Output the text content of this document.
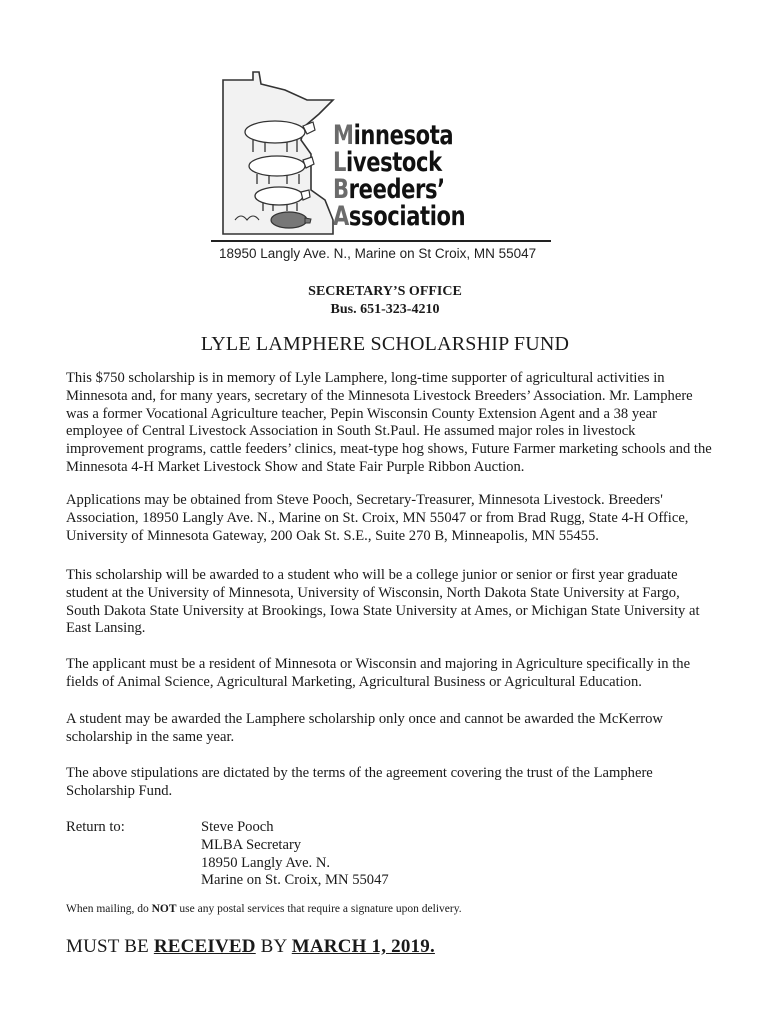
Minnesota
Livestock
Breeders’
Association
18950 Langly Ave. N., Marine on St Croix, MN 55047
SECRETARY’S OFFICE
Bus. 651-323-4210
LYLE LAMPHERE SCHOLARSHIP FUND

This $750 scholarship is in memory of Lyle Lamphere, long-time supporter of agricultural activities in Minnesota and, for many years, secretary of the Minnesota Livestock Breeders’ Association. Mr. Lamphere was a former Vocational Agriculture teacher, Pepin Wisconsin County Extension Agent and a 38 year employee of Central Livestock Association in South St.Paul. He assumed major roles in livestock improvement programs, cattle feeders’ clinics, meat-type hog shows, Future Farmer marketing schools and the Minnesota 4-H Market Livestock Show and State Fair Purple Ribbon Auction.

Applications may be obtained from Steve Pooch, Secretary-Treasurer, Minnesota Livestock. Breeders' Association, 18950 Langly Ave. N., Marine on St. Croix, MN 55047 or from Brad Rugg, State 4-H Office, University of Minnesota Gateway, 200 Oak St. S.E., Suite 270 B, Minneapolis, MN 55455.

This scholarship will be awarded to a student who will be a college junior or senior or first year graduate student at the University of Minnesota, University of Wisconsin, North Dakota State University at Fargo, South Dakota State University at Brookings, Iowa State University at Ames, or Michigan State University at East Lansing.

The applicant must be a resident of Minnesota or Wisconsin and majoring in Agriculture specifically in the fields of Animal Science, Agricultural Marketing, Agricultural Business or Agricultural Education.

A student may be awarded the Lamphere scholarship only once and cannot be awarded the McKerrow scholarship in the same year.

The above stipulations are dictated by the terms of the agreement covering the trust of the Lamphere Scholarship Fund.

Return to:	Steve Pooch
MLBA Secretary
18950 Langly Ave. N.
Marine on St. Croix, MN 55047
When mailing, do NOT use any postal services that require a signature upon delivery.
MUST BE RECEIVED BY MARCH 1, 2019.
